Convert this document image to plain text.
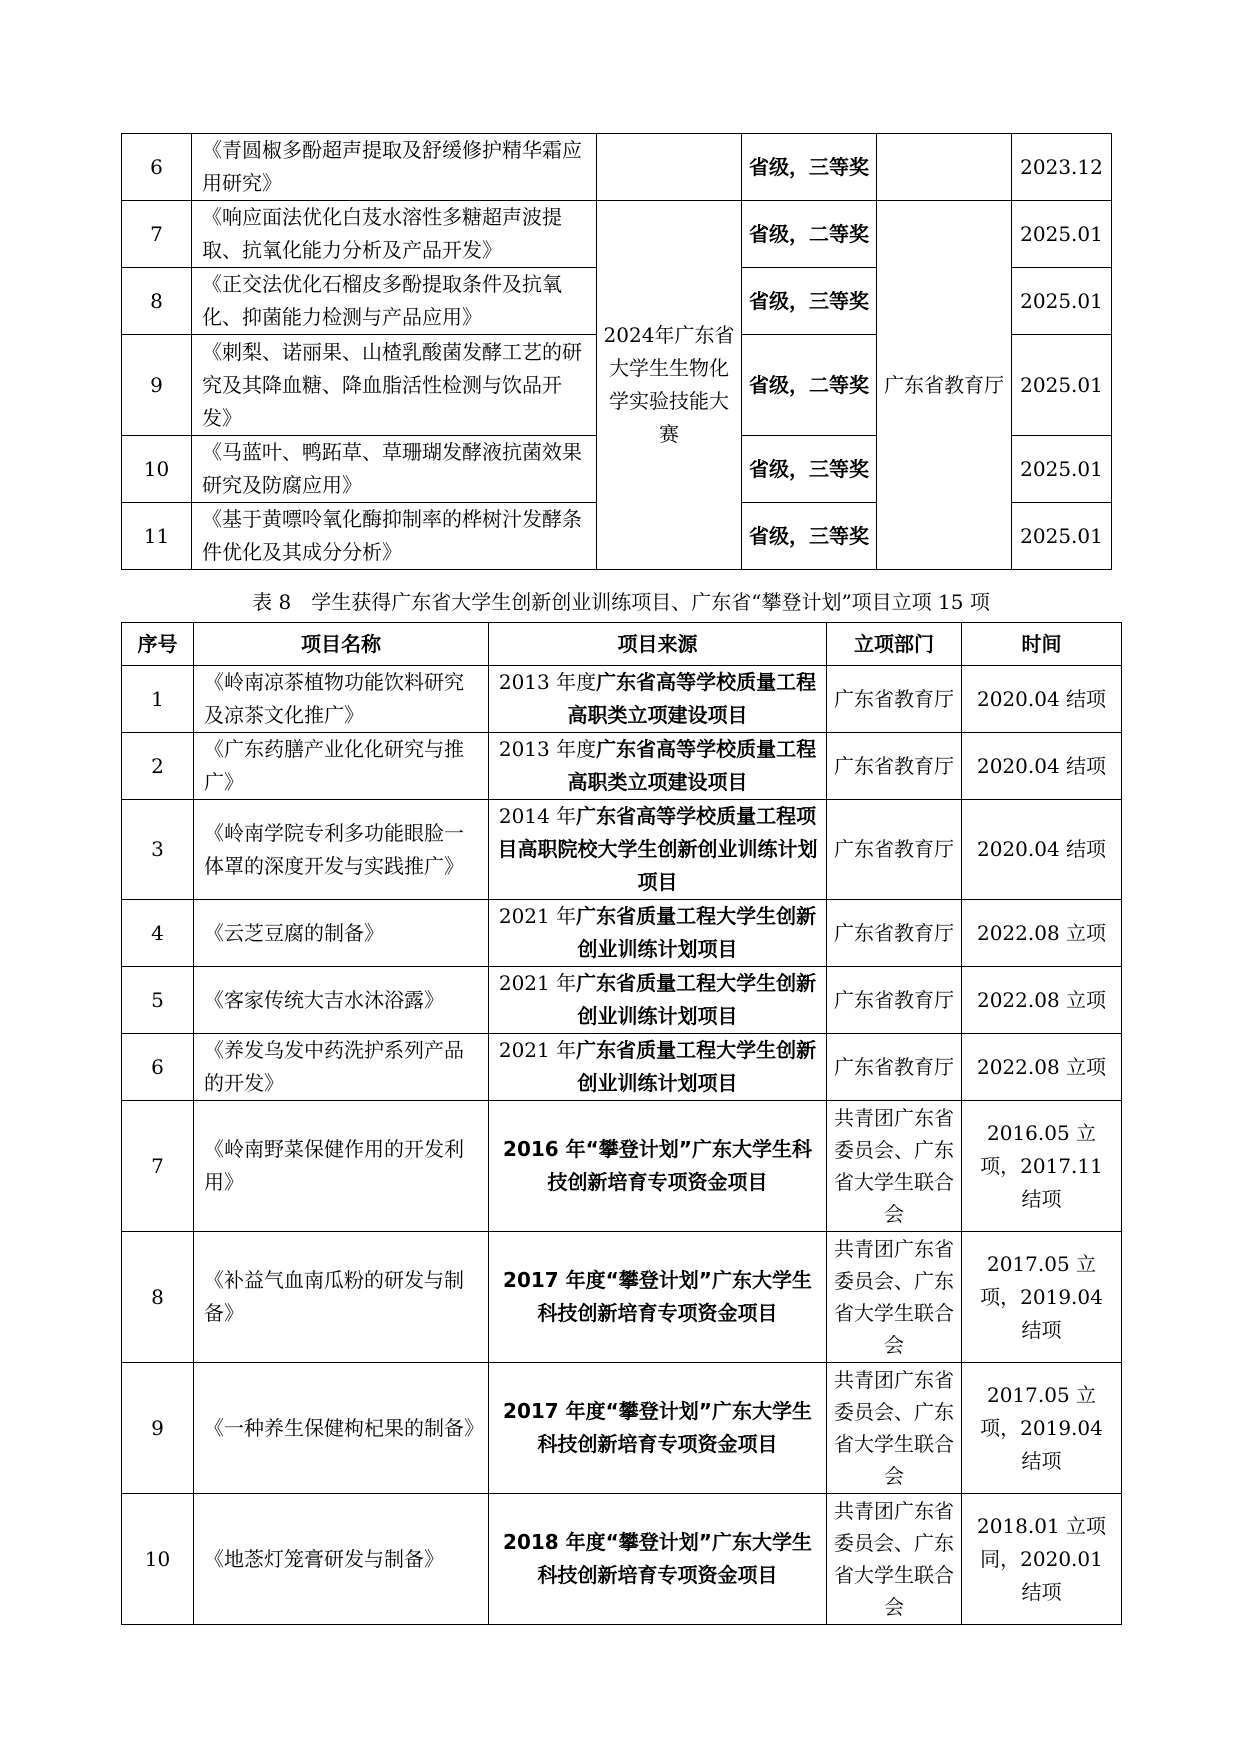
6	《青圆椒多酚超声提取及舒缓修护精华霜应用研究》		省级，三等奖		2023.12
7	《响应面法优化白芨水溶性多糖超声波提取、抗氧化能力分析及产品开发》	2024年广东省大学生生物化学实验技能大赛	省级，二等奖	广东省教育厅	2025.01
8	《正交法优化石榴皮多酚提取条件及抗氧化、抑菌能力检测与产品应用》		省级，三等奖		2025.01
9	《刺梨、诺丽果、山楂乳酸菌发酵工艺的研究及其降血糖、降血脂活性检测与饮品开发》		省级，二等奖		2025.01
10	《马蓝叶、鸭跖草、草珊瑚发酵液抗菌效果研究及防腐应用》		省级，三等奖		2025.01
11	《基于黄嘌呤氧化酶抑制率的桦树汁发酵条件优化及其成分分析》		省级，三等奖		2025.01
表 8　学生获得广东省大学生创新创业训练项目、广东省“攀登计划”项目立项 15 项
序号	项目名称	项目来源	立项部门	时间
1	《岭南凉茶植物功能饮料研究及凉茶文化推广》	2013 年度广东省高等学校质量工程高职类立项建设项目	广东省教育厅	2020.04 结项
2	《广东药膳产业化化研究与推广》	2013 年度广东省高等学校质量工程高职类立项建设项目	广东省教育厅	2020.04 结项
3	《岭南学院专利多功能眼脸一体罩的深度开发与实践推广》	2014 年广东省高等学校质量工程项目高职院校大学生创新创业训练计划项目	广东省教育厅	2020.04 结项
4	《云芝豆腐的制备》	2021 年广东省质量工程大学生创新创业训练计划项目	广东省教育厅	2022.08 立项
5	《客家传统大吉水沐浴露》	2021 年广东省质量工程大学生创新创业训练计划项目	广东省教育厅	2022.08 立项
6	《养发乌发中药洗护系列产品的开发》	2021 年广东省质量工程大学生创新创业训练计划项目	广东省教育厅	2022.08 立项
7	《岭南野菜保健作用的开发利用》	2016 年“攀登计划”广东大学生科技创新培育专项资金项目	共青团广东省委员会、广东省大学生联合会	2016.05 立项，2017.11 结项
8	《补益气血南瓜粉的研发与制备》	2017 年度“攀登计划”广东大学生科技创新培育专项资金项目	共青团广东省委员会、广东省大学生联合会	2017.05 立项，2019.04 结项
9	《一种养生保健枸杞果的制备》	2017 年度“攀登计划”广东大学生科技创新培育专项资金项目	共青团广东省委员会、广东省大学生联合会	2017.05 立项，2019.04 结项
10	《地菍灯笼膏研发与制备》	2018 年度“攀登计划”广东大学生科技创新培育专项资金项目	共青团广东省委员会、广东省大学生联合会	2018.01 立项同，2020.01 结项
